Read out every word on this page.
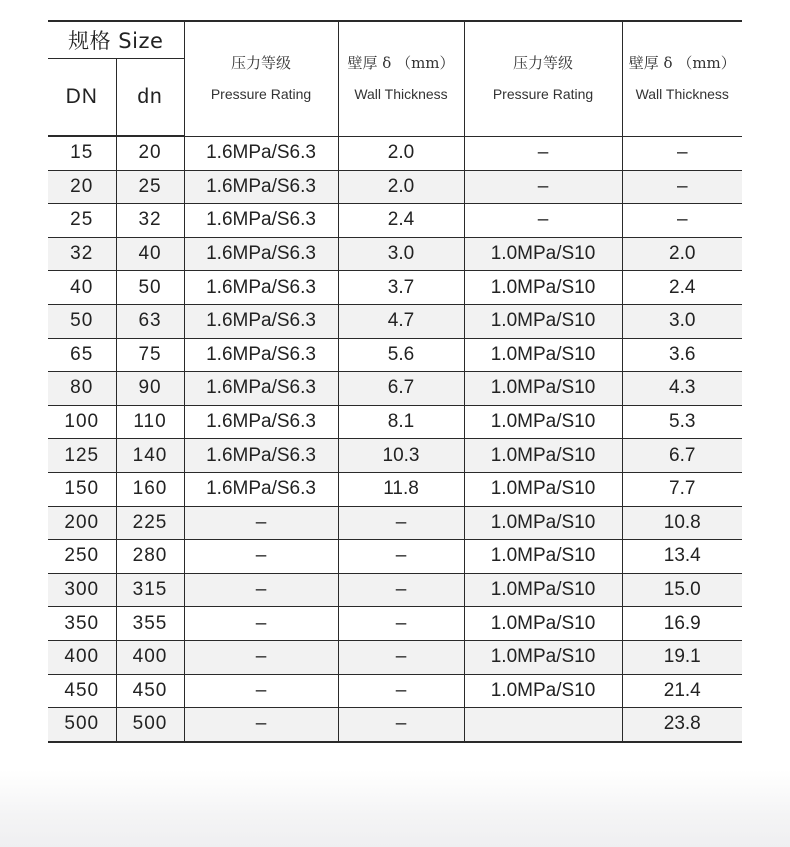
规格 Size		压力等级
Pressure Rating	壁厚 δ （mm）
Wall Thickness	压力等级
Pressure Rating	壁厚 δ （mm）
Wall Thickness

DN	dn				
15	20	1.6MPa/S6.3	2.0	–	–
20	25	1.6MPa/S6.3	2.0	–	–
25	32	1.6MPa/S6.3	2.4	–	–
32	40	1.6MPa/S6.3	3.0	1.0MPa/S10	2.0
40	50	1.6MPa/S6.3	3.7	1.0MPa/S10	2.4
50	63	1.6MPa/S6.3	4.7	1.0MPa/S10	3.0
65	75	1.6MPa/S6.3	5.6	1.0MPa/S10	3.6
80	90	1.6MPa/S6.3	6.7	1.0MPa/S10	4.3
100	110	1.6MPa/S6.3	8.1	1.0MPa/S10	5.3
125	140	1.6MPa/S6.3	10.3	1.0MPa/S10	6.7
150	160	1.6MPa/S6.3	11.8	1.0MPa/S10	7.7
200	225	–	–	1.0MPa/S10	10.8
250	280	–	–	1.0MPa/S10	13.4
300	315	–	–	1.0MPa/S10	15.0
350	355	–	–	1.0MPa/S10	16.9
400	400	–	–	1.0MPa/S10	19.1
450	450	–	–	1.0MPa/S10	21.4
500	500	–	–		23.8
